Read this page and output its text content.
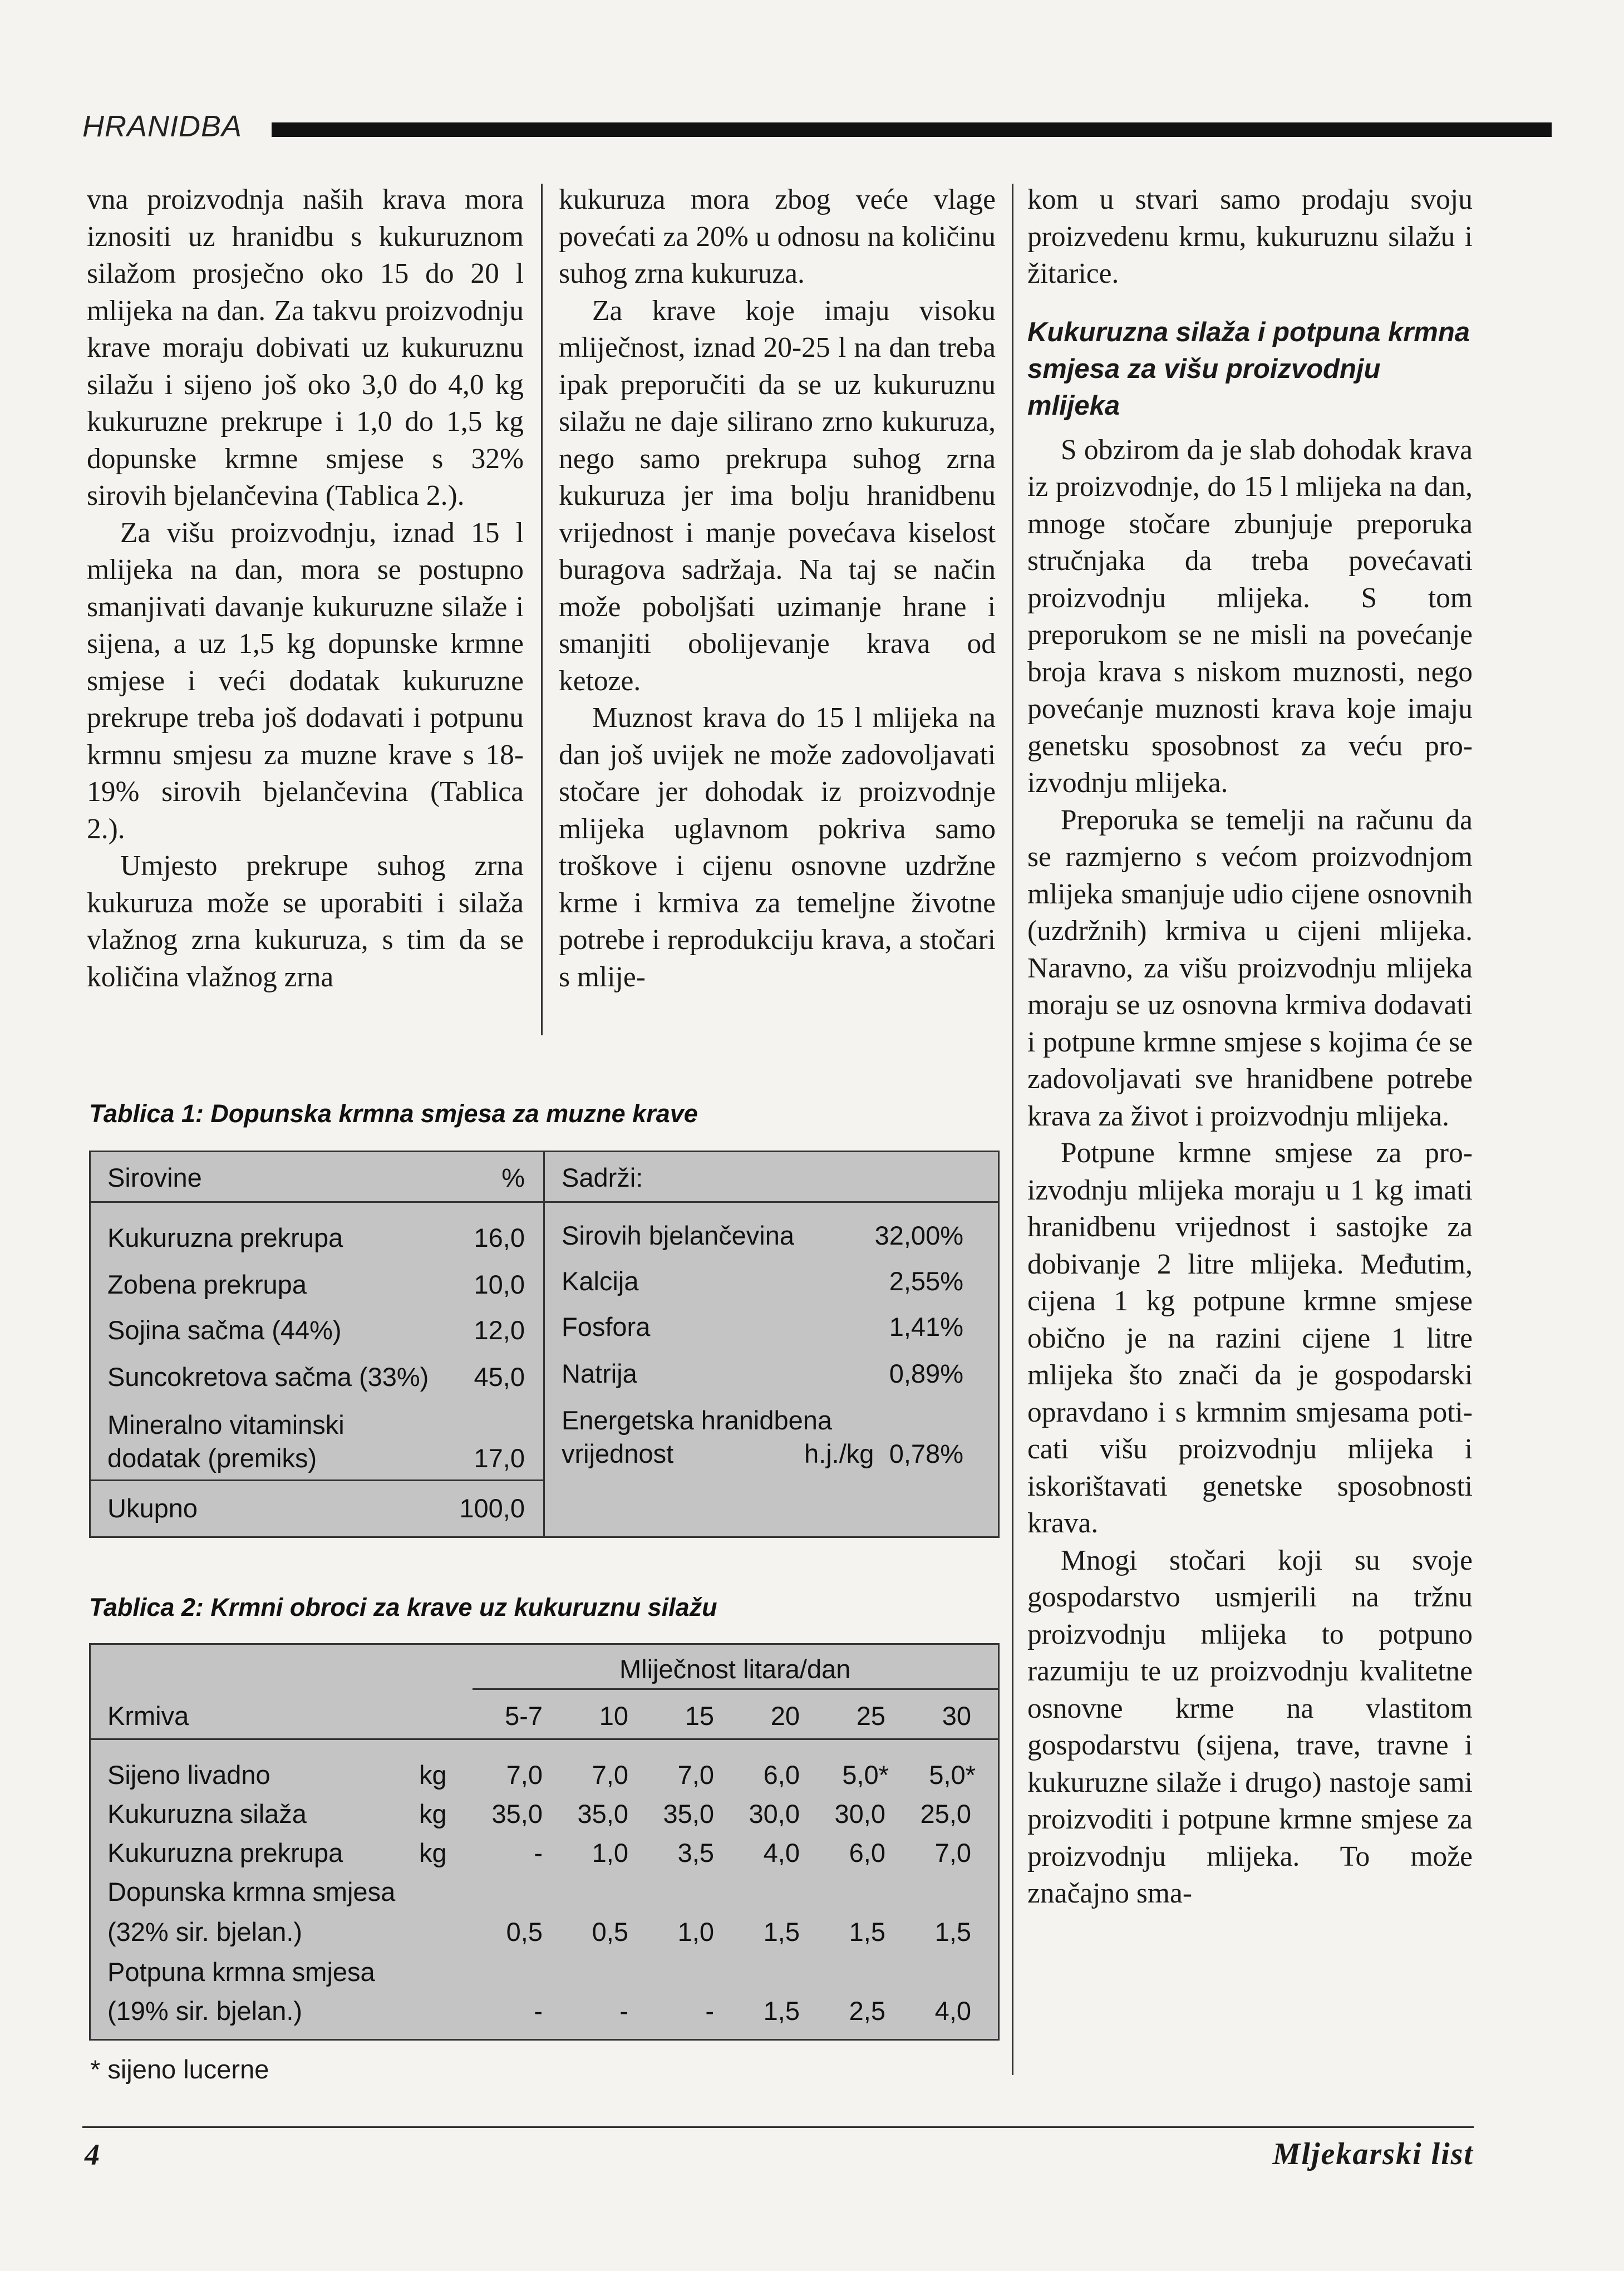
HRANIDBA

vna proizvodnja naših krava mora iznositi uz hranidbu s kukuruznom silažom prosječno oko 15 do 20 l mlijeka na dan. Za takvu proizvodnju krave moraju dobivati uz kukuruznu silažu i sijeno još oko 3,0 do 4,0 kg kukuruzne prekrupe i 1,0 do 1,5 kg dopunske krmne smjese s 32% sirovih bjelančevina (Tablica 2.).

Za višu proizvodnju, iznad 15 l mlijeka na dan, mora se postupno smanjivati davanje kukuruzne silaže i sijena, a uz 1,5 kg dopunske krmne smjese i veći dodatak kukuruzne prekrupe treba još dodavati i potpunu krmnu smjesu za muzne krave s 18-19% sirovih bjelančevina (Tablica 2.).

Umjesto prekrupe suhog zrna kukuruza može se uporabiti i silaža vlažnog zrna kukuruza, s tim da se količina vlažnog zrna

kukuruza mora zbog veće vlage povećati za 20% u odnosu na količinu suhog zrna kukuruza.

Za krave koje imaju visoku mliječnost, iznad 20-25 l na dan treba ipak preporučiti da se uz kukuruznu silažu ne daje silirano zrno kukuruza, nego samo prekrupa suhog zrna kukuruza jer ima bolju hranidbenu vrijednost i manje povećava kiselost buragova sadržaja. Na taj se način može poboljšati uzimanje hrane i smanjiti obolijevanje krava od ketoze.

Muznost krava do 15 l mlijeka na dan još uvijek ne može zadovoljavati stočare jer dohodak iz proizvodnje mlijeka uglavnom pokriva samo troškove i cijenu osnovne uzdržne krme i krmiva za temeljne životne potrebe i reprodukciju krava, a stočari s mlije-

kom u stvari samo prodaju svoju proizvedenu krmu, kukuruznu silažu i žitarice.

Kukuruzna silaža i potpuna krmna smjesa za višu proizvodnju mlijeka

S obzirom da je slab dohodak krava iz proizvodnje, do 15 l mlijeka na dan, mnoge stočare zbunjuje preporuka stručnjaka da treba povećavati proizvodnju mlijeka. S tom preporukom se ne misli na povećanje broja krava s niskom muznosti, nego povećanje muznosti krava koje imaju genetsku sposobnost za veću proizvodnju mlijeka.

Preporuka se temelji na računu da se razmjerno s većom proizvodnjom mlijeka smanjuje udio cijene osnovnih (uzdržnih) krmiva u cijeni mlijeka. Naravno, za višu proizvodnju mlijeka moraju se uz osnovna krmiva dodavati i potpune krmne smjese s kojima će se zadovoljavati sve hranidbene potrebe krava za život i proizvodnju mlijeka.

Potpune krmne smjese za proizvodnju mlijeka moraju u 1 kg imati hranidbenu vrijednost i sastojke za dobivanje 2 litre mlijeka. Međutim, cijena 1 kg potpune krmne smjese obično je na razini cijene 1 litre mlijeka što znači da je gospodarski opravdano i s krmnim smjesama poticati višu proizvodnju mlijeka i iskorištavati genetske sposobnosti krava.

Mnogi stočari koji su svoje gospodarstvo usmjerili na tržnu proizvodnju mlijeka to potpuno razumiju te uz proizvodnju kvalitetne osnovne krme na vlastitom gospodarstvu (sijena, trave, travne i kukuruzne silaže i drugo) nastoje sami proizvoditi i potpune krmne smjese za proizvodnju mlijeka. To može značajno sma-

Tablica 1: Dopunska krmna smjesa za muzne krave
Sirovine	% Sadrži:
Kukuruzna prekrupa	16,0
Zobena prekrupa	10,0
Sojina sačma (44%)	12,0
Suncokretova sačma (33%) 45,0
Mineralno vitaminski
dodatak (premiks)	17,0
Ukupno	100,0
Sirovih bjelančevina	32,00%
Kalcija	2,55%
Fosfora	1,41%
Natrija	0,89%
Energetska hranidbena
vrijednost	h.j./kg 0,78%
Tablica 2: Krmni obroci za krave uz kukuruznu silažu
Mliječnost litara/dan
Krmiva	5-7 10 15 20 25 30
Sijeno livadno	kg 7,0 7,0 7,0 6,0 5,0* 5,0*
Kukuruzna silaža	kg 35,0 35,0 35,0 30,0 30,0 25,0
Kukuruzna prekrupa	kg	- 1,0 3,5 4,0 6,0 7,0
Dopunska krmna smjesa
(32% sir. bjelan.)	0,5 0,5 1,0 1,5 1,5 1,5
Potpuna krmna smjesa
(19% sir. bjelan.)	-	-	- 1,5 2,5 4,0
* sijeno lucerne
4	Mljekarski list
